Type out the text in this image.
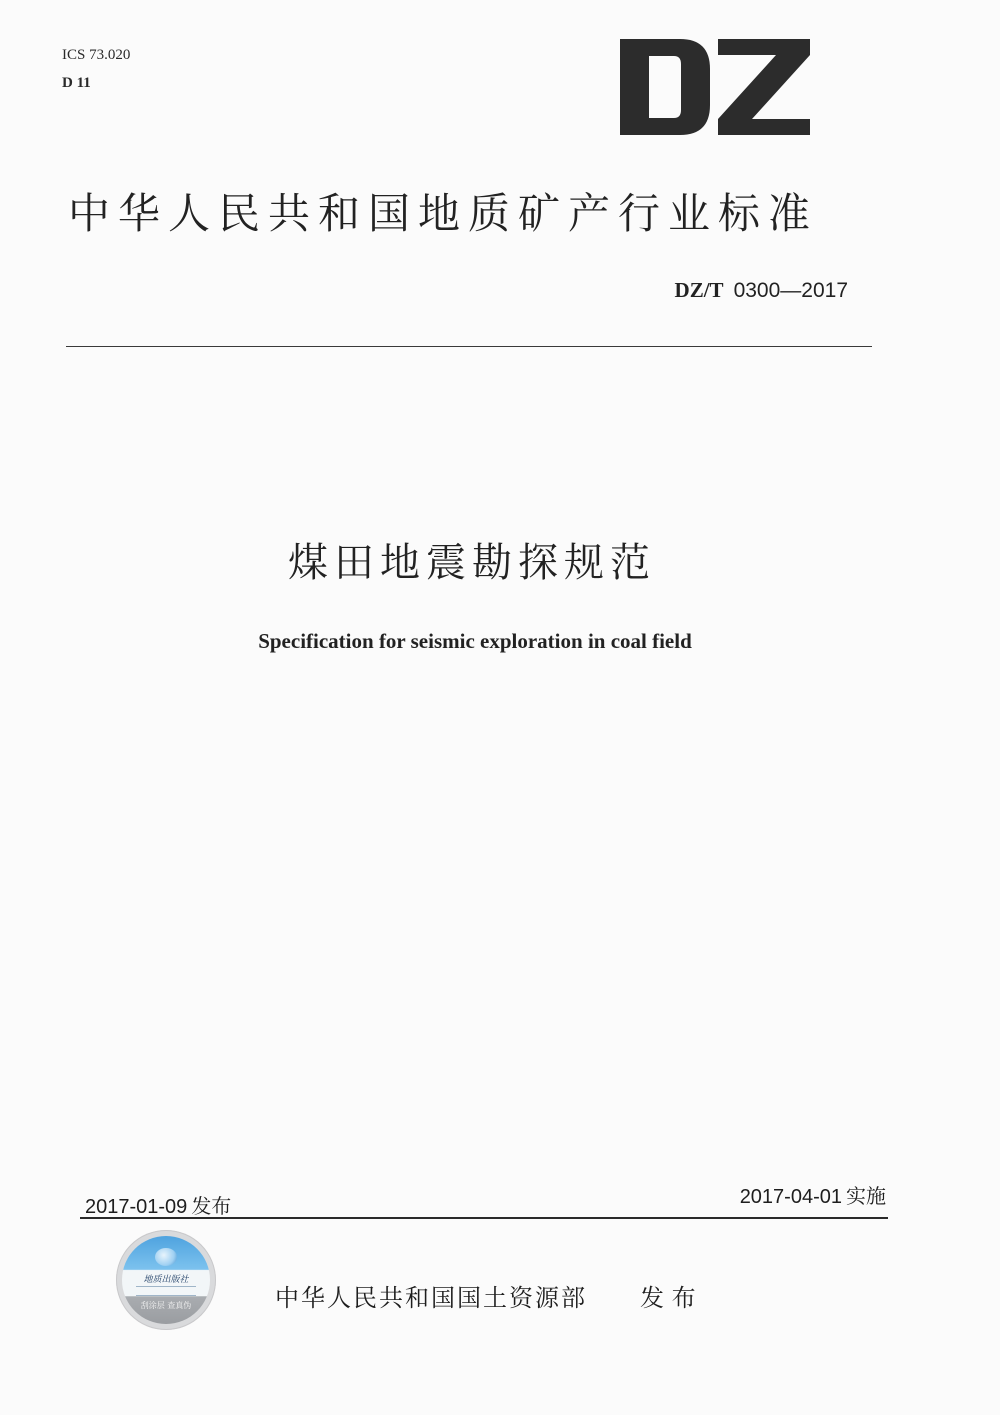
ICS 73.020
D 11
中华人民共和国地质矿产行业标准
DZ/T 0300—2017
煤田地震勘探规范
Specification for seismic exploration in coal field
2017-01-09 发布	2017-04-01 实施
地质出版社
刮涂层 查真伪	中华人民共和国国土资源部 发 布
